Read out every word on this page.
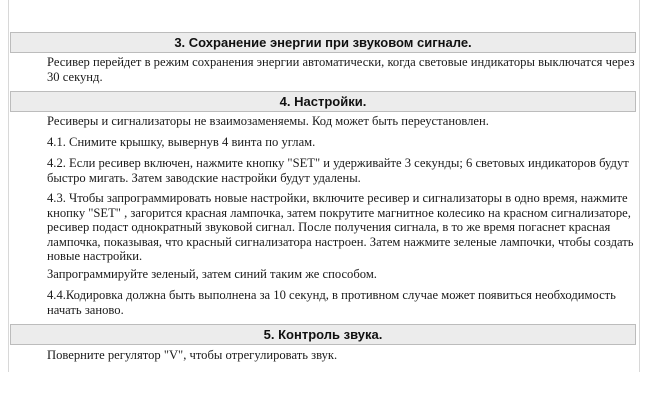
3. Сохранение энергии при звуковом сигнале.

Ресивер перейдет в режим сохранения энергии автоматически, когда световые индикаторы выключатся через 30 секунд.

4. Настройки.

Ресиверы и сигнализаторы не взаимозаменяемы. Код может быть переустановлен.

4.1. Снимите крышку, вывернув 4 винта по углам.

4.2. Если ресивер включен, нажмите кнопку "SET" и удерживайте 3 секунды; 6 световых индикаторов будут быстро мигать. Затем заводские настройки будут удалены.

4.3. Чтобы запрограммировать новые настройки, включите ресивер и сигнализаторы в одно время, нажмите кнопку "SET" , загорится красная лампочка, затем покрутите магнитное колесико на красном сигнализаторе, ресивер подаст однократный звуковой сигнал. После получения сигнала, в то же время погаснет красная лампочка, показывая, что красный сигнализатора настроен. Затем нажмите зеленые лампочки, чтобы создать новые настройки.

Запрограммируйте зеленый, затем синий таким же способом.

4.4.Кодировка должна быть выполнена за 10 секунд, в противном случае может появиться необходимость начать заново.

5. Контроль звука.

Поверните регулятор "V", чтобы отрегулировать звук.
